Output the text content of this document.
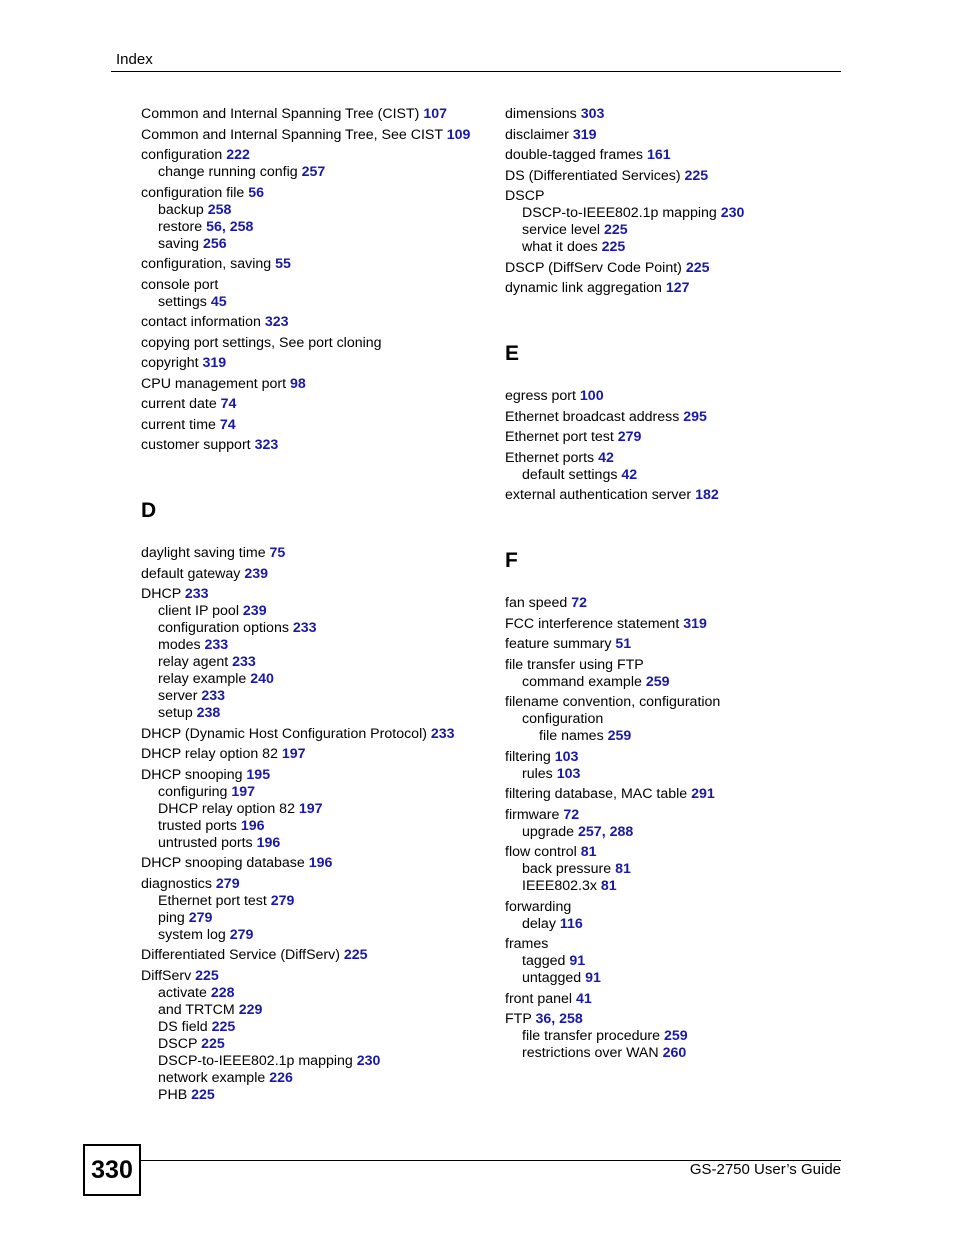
Index
Common and Internal Spanning Tree (CIST) 107
Common and Internal Spanning Tree, See CIST 109
configuration 222
change running config 257
configuration file 56
backup 258
restore 56, 258
saving 256
configuration, saving 55
console port
settings 45
contact information 323
copying port settings, See port cloning
copyright 319
CPU management port 98
current date 74
current time 74
customer support 323
D
daylight saving time 75
default gateway 239
DHCP 233
client IP pool 239
configuration options 233
modes 233
relay agent 233
relay example 240
server 233
setup 238
DHCP (Dynamic Host Configuration Protocol) 233
DHCP relay option 82 197
DHCP snooping 195
configuring 197
DHCP relay option 82 197
trusted ports 196
untrusted ports 196
DHCP snooping database 196
diagnostics 279
Ethernet port test 279
ping 279
system log 279
Differentiated Service (DiffServ) 225
DiffServ 225
activate 228
and TRTCM 229
DS field 225
DSCP 225
DSCP-to-IEEE802.1p mapping 230
network example 226
PHB 225
dimensions 303
disclaimer 319
double-tagged frames 161
DS (Differentiated Services) 225
DSCP
DSCP-to-IEEE802.1p mapping 230
service level 225
what it does 225
DSCP (DiffServ Code Point) 225
dynamic link aggregation 127
E
egress port 100
Ethernet broadcast address 295
Ethernet port test 279
Ethernet ports 42
default settings 42
external authentication server 182
F
fan speed 72
FCC interference statement 319
feature summary 51
file transfer using FTP
command example 259
filename convention, configuration
configuration
file names 259
filtering 103
rules 103
filtering database, MAC table 291
firmware 72
upgrade 257, 288
flow control 81
back pressure 81
IEEE802.3x 81
forwarding
delay 116
frames
tagged 91
untagged 91
front panel 41
FTP 36, 258
file transfer procedure 259
restrictions over WAN 260
330	GS-2750 User’s Guide
